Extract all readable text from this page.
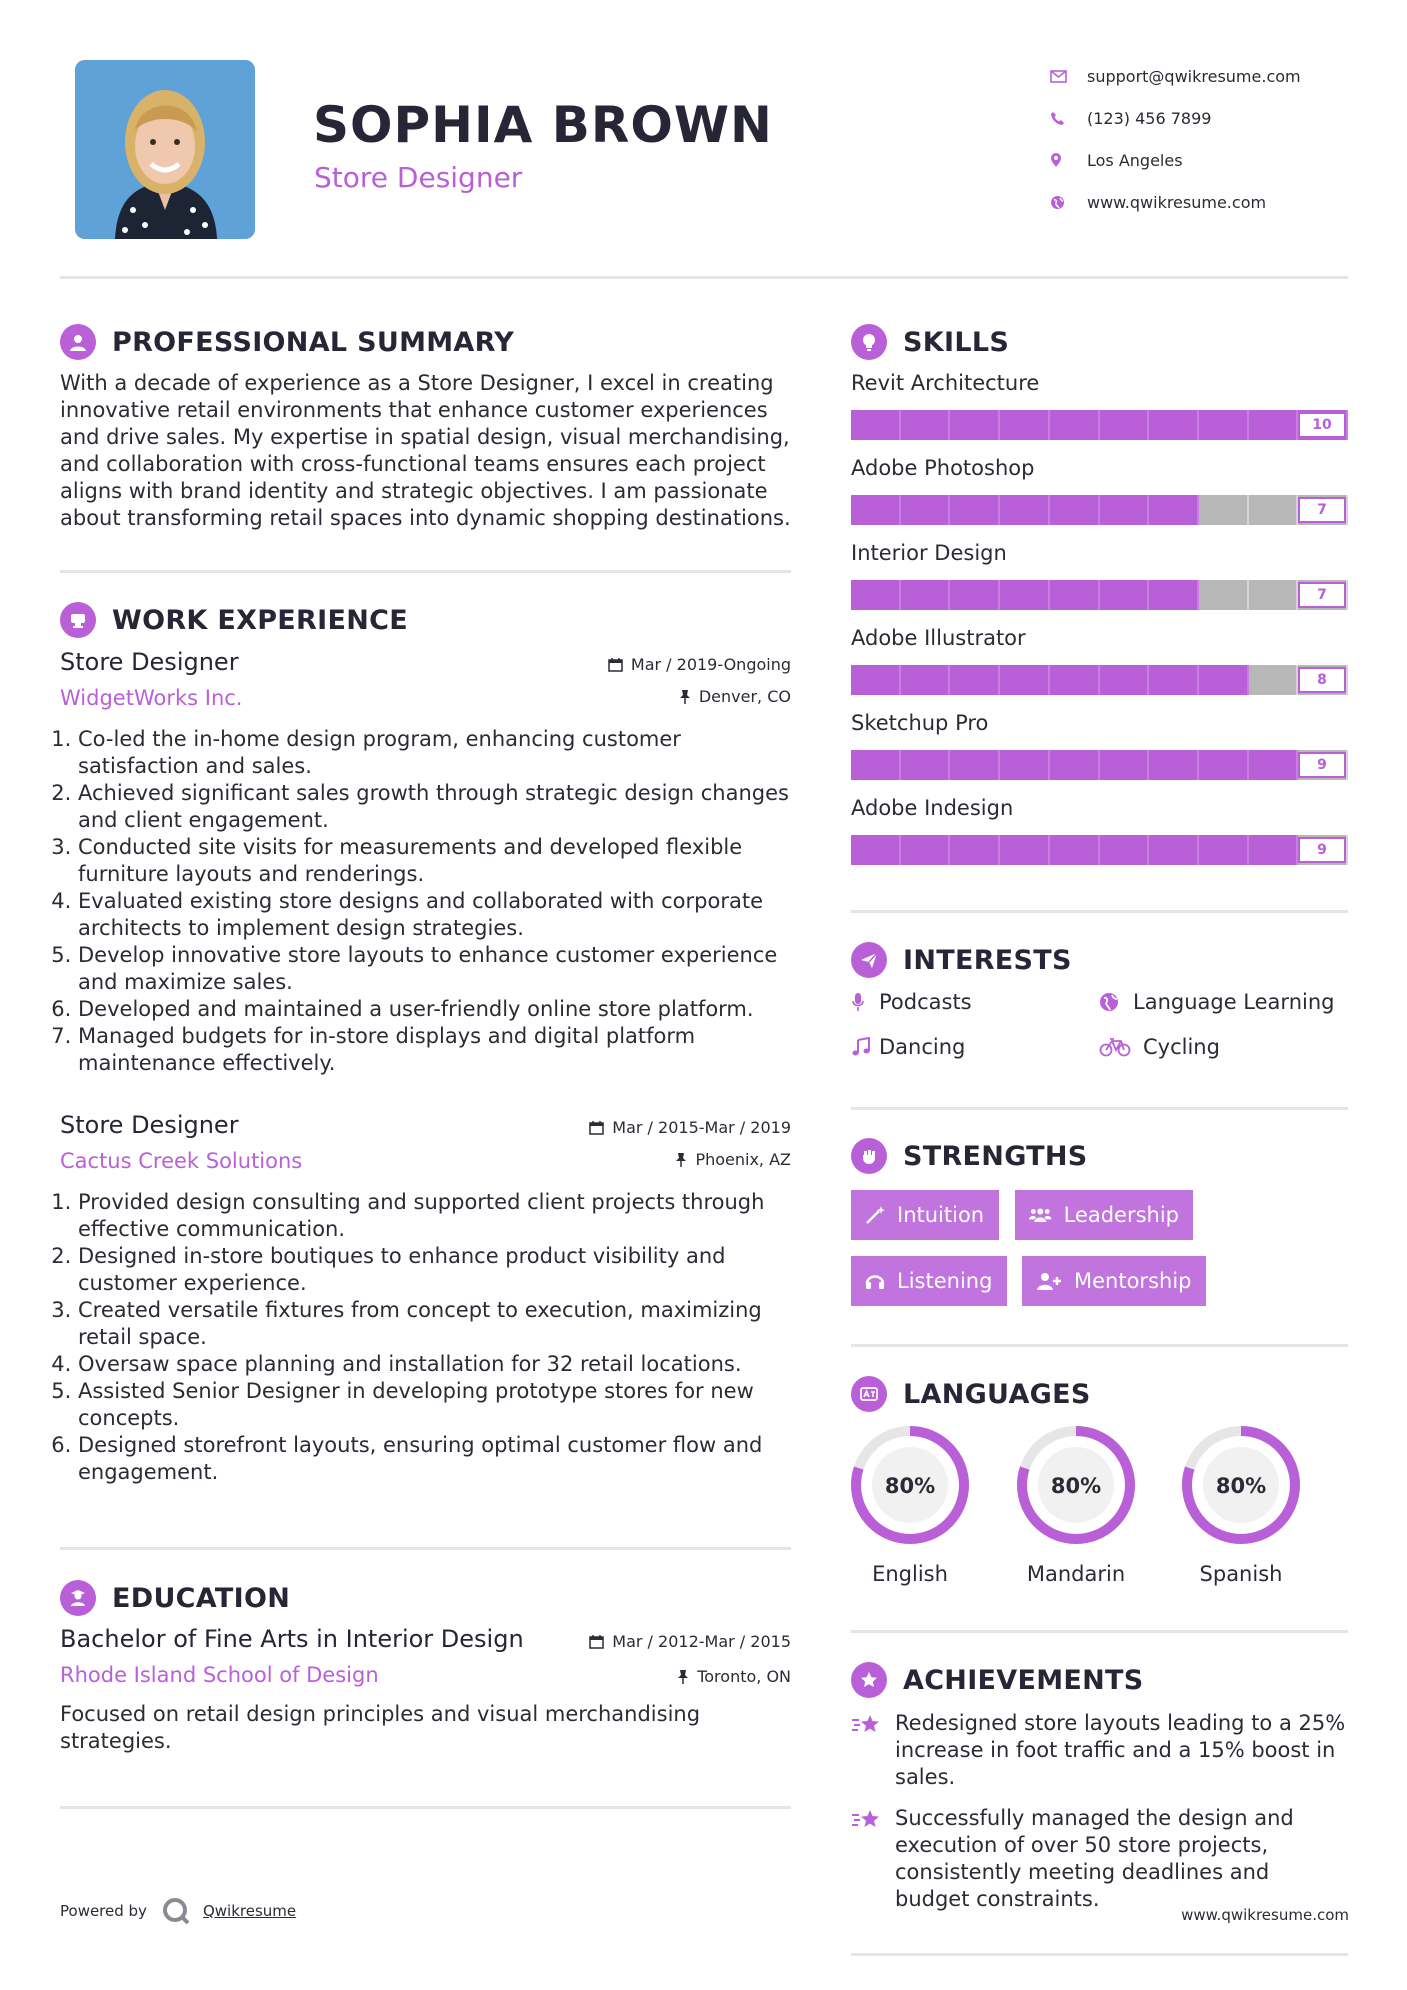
SOPHIA BROWN
Store Designer
support@qwikresume.com
(123) 456 7899
Los Angeles
www.qwikresume.com
PROFESSIONAL SUMMARY
With a decade of experience as a Store Designer, I excel in creating innovative retail environments that enhance customer experiences and drive sales. My expertise in spatial design, visual merchandising, and collaboration with cross-functional teams ensures each project aligns with brand identity and strategic objectives. I am passionate about transforming retail spaces into dynamic shopping destinations.
WORK EXPERIENCE
Store Designer
WidgetWorks Inc.
Mar / 2019-Ongoing
Denver, CO
1. Co-led the in-home design program, enhancing customer satisfaction and sales.
2. Achieved significant sales growth through strategic design changes and client engagement.
3. Conducted site visits for measurements and developed flexible furniture layouts and renderings.
4. Evaluated existing store designs and collaborated with corporate architects to implement design strategies.
5. Develop innovative store layouts to enhance customer experience and maximize sales.
6. Developed and maintained a user-friendly online store platform.
7. Managed budgets for in-store displays and digital platform maintenance effectively.
Store Designer
Cactus Creek Solutions
Mar / 2015-Mar / 2019
Phoenix, AZ
1. Provided design consulting and supported client projects through effective communication.
2. Designed in-store boutiques to enhance product visibility and customer experience.
3. Created versatile fixtures from concept to execution, maximizing retail space.
4. Oversaw space planning and installation for 32 retail locations.
5. Assisted Senior Designer in developing prototype stores for new concepts.
6. Designed storefront layouts, ensuring optimal customer flow and engagement.
EDUCATION
Bachelor of Fine Arts in Interior Design
Rhode Island School of Design
Mar / 2012-Mar / 2015
Toronto, ON
Focused on retail design principles and visual merchandising strategies.
SKILLS
Revit Architecture
10
Adobe Photoshop
7
Interior Design
7
Adobe Illustrator
8
Sketchup Pro
9
Adobe Indesign
9
INTERESTS
Podcasts	Language Learning
Dancing	Cycling
STRENGTHS
Intuition	Leadership
Listening	Mentorship
LANGUAGES
80%
English
80%
Mandarin
80%
Spanish
ACHIEVEMENTS
Redesigned store layouts leading to a 25% increase in foot traffic and a 15% boost in sales.
Successfully managed the design and execution of over 50 store projects, consistently meeting deadlines and budget constraints.
Powered by	Qwikresume	www.qwikresume.com
